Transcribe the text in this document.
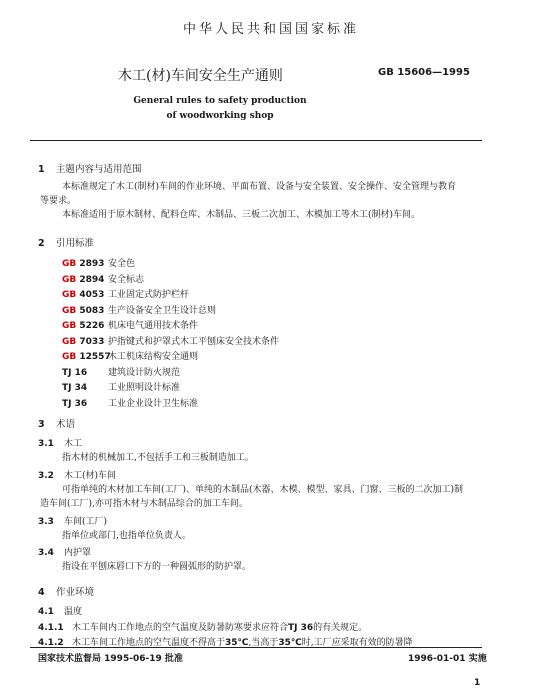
中华人民共和国国家标准
木工(材)车间安全生产通则	GB 15606—1995
General rules to safety production
of woodworking shop
1 主题内容与适用范围
本标准规定了木工(制材)车间的作业环境、平面布置、设备与安全装置、安全操作、安全管理与教育
等要求。
本标准适用于原木制材、配料仓库、木制品、三板二次加工、木模加工等木工(制材)车间。
2 引用标准
GB 2893 安全色
GB 2894 安全标志
GB 4053 工业固定式防护栏杆
GB 5083 生产设备安全卫生设计总则
GB 5226 机床电气通用技术条件
GB 7033 护指键式和护罩式木工平刨床安全技术条件
GB 12557木工机床结构安全通则
TJ 16 建筑设计防火规范
TJ 34 工业照明设计标准
TJ 36 工业企业设计卫生标准
3 术语
3.1 木工
指木材的机械加工,不包括手工和三板制造加工。
3.2 木工(材)车间
可指单纯的木材加工车间(工厂)、单纯的木制品(木器、木模、模型、家具、门窗、三板的二次加工)制
造车间(工厂),亦可指木材与木制品综合的加工车间。
3.3 车间(工厂)
指单位或部门,也指单位负责人。
3.4 内护罩
指设在平刨床唇口下方的一种圆弧形的防护罩。
4 作业环境
4.1 温度
4.1.1 木工车间内工作地点的空气温度及防暑防寒要求应符合TJ 36的有关规定。
4.1.2 木工车间工作地点的空气温度不得高于35℃,当高于35℃时,工厂应采取有效的防暑降
国家技术监督局 1995-06-19 批准	1996-01-01 实施
1
